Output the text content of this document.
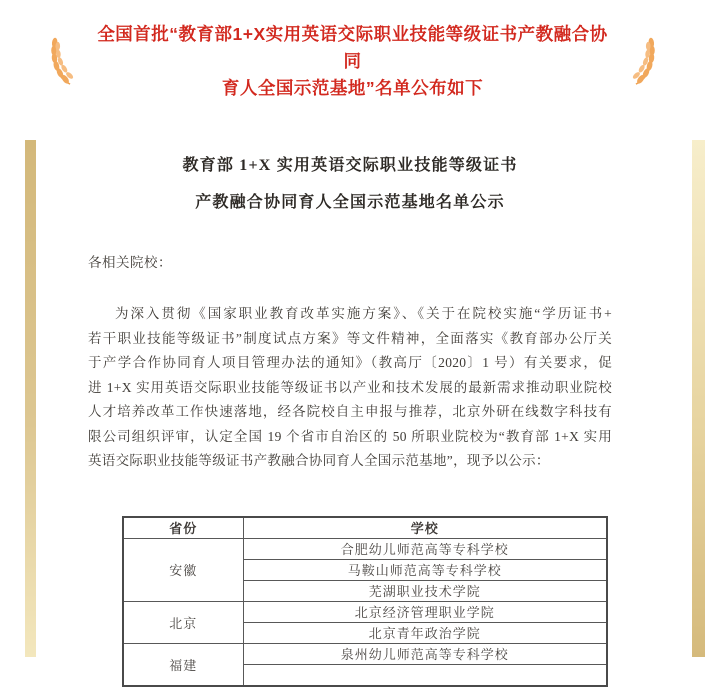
全国首批“教育部1+X实用英语交际职业技能等级证书产教融合协同
育人全国示范基地”名单公布如下
教育部 1+X 实用英语交际职业技能等级证书
产教融合协同育人全国示范基地名单公示
各相关院校：
为深入贯彻《国家职业教育改革实施方案》、《关于在院校实施“学历证书+
若干职业技能等级证书”制度试点方案》等文件精神，全面落实《教育部办公厅关
于产学合作协同育人项目管理办法的通知》（教高厅〔2020〕1 号）有关要求，促
进 1+X 实用英语交际职业技能等级证书以产业和技术发展的最新需求推动职业院校
人才培养改革工作快速落地，经各院校自主申报与推荐，北京外研在线数字科技有
限公司组织评审，认定全国 19 个省市自治区的 50 所职业院校为“教育部 1+X 实用
英语交际职业技能等级证书产教融合协同育人全国示范基地”，现予以公示：
省份	学校
安徽	合肥幼儿师范高等专科学校
	马鞍山师范高等专科学校
	芜湖职业技术学院
北京	北京经济管理职业学院
	北京青年政治学院
福建	泉州幼儿师范高等专科学校
